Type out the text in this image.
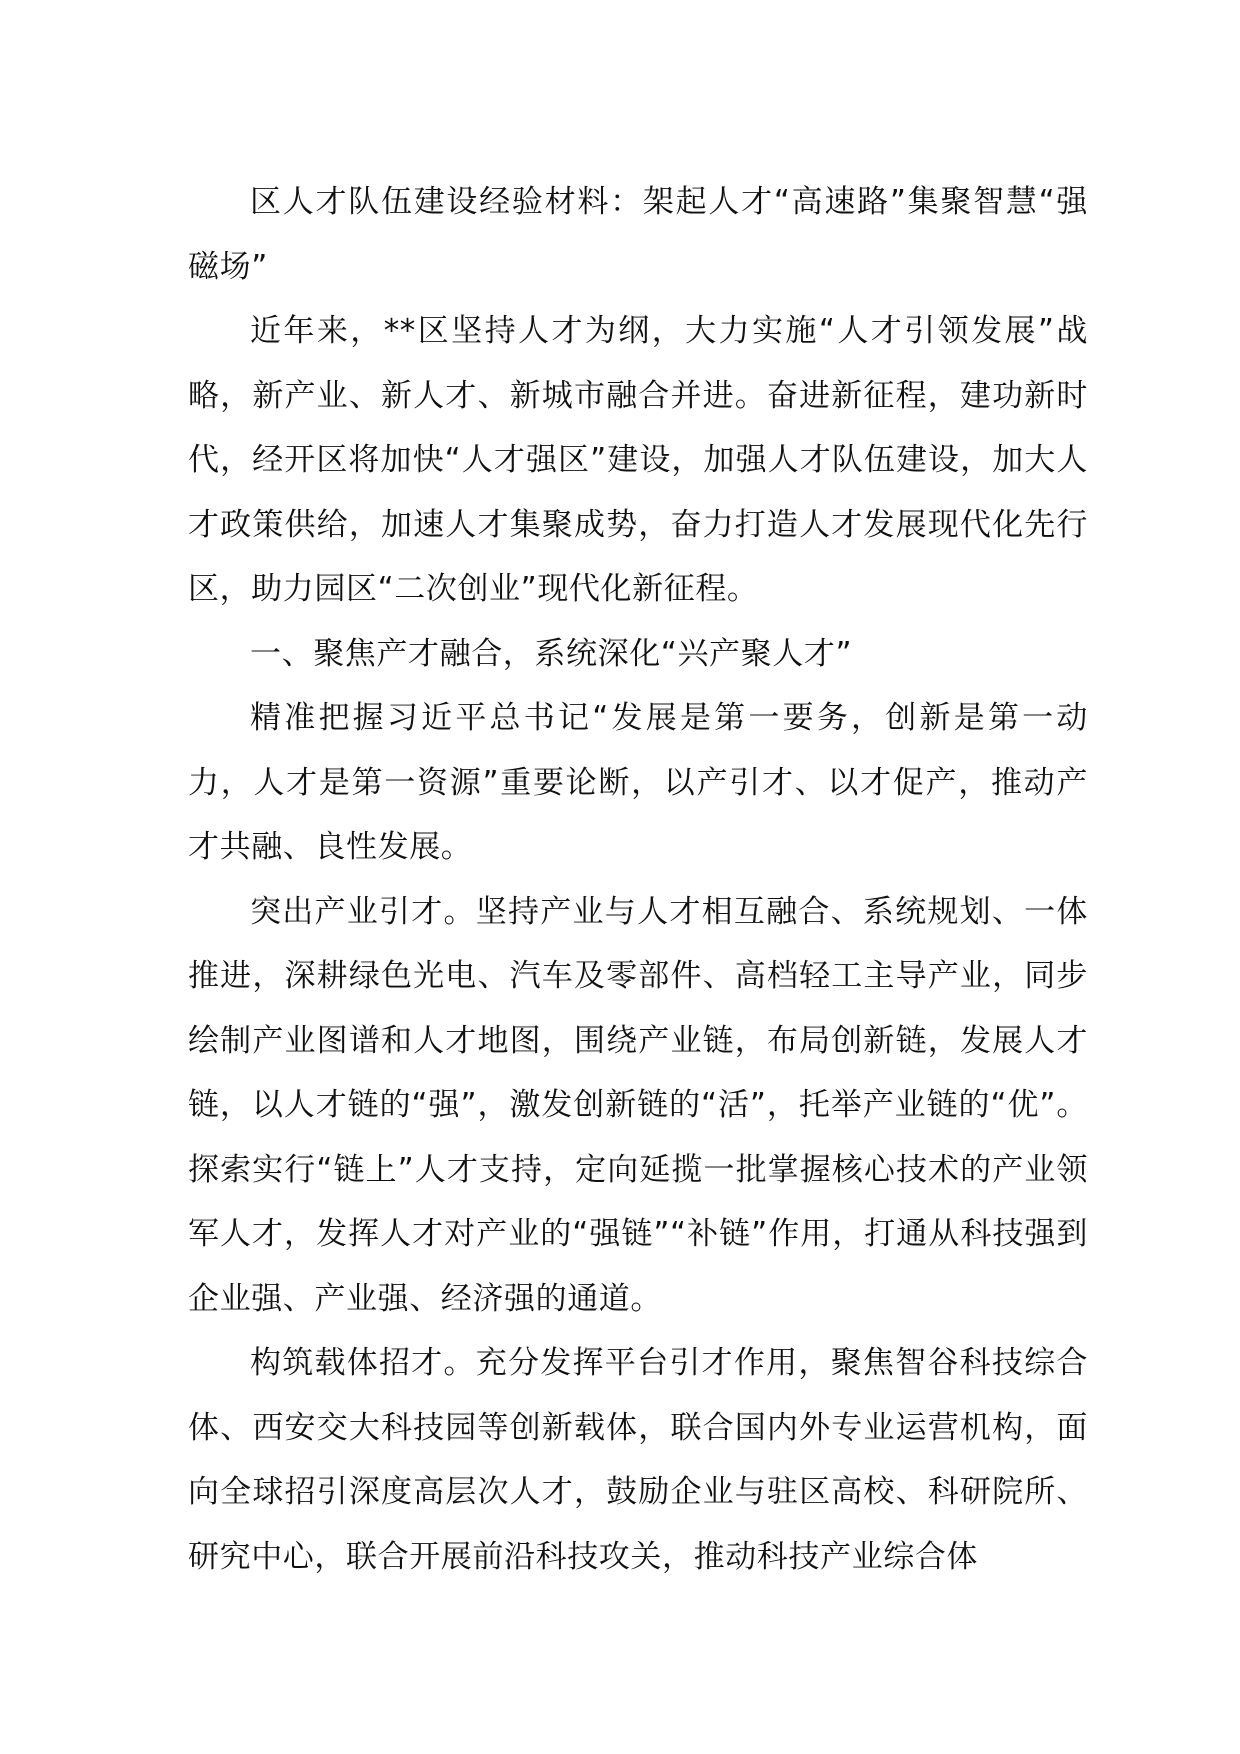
区人才队伍建设经验材料：架起人才“高速路”集聚智慧“强磁场”

近年来，**区坚持人才为纲，大力实施“人才引领发展”战略，新产业、新人才、新城市融合并进。奋进新征程，建功新时代，经开区将加快“人才强区”建设，加强人才队伍建设，加大人才政策供给，加速人才集聚成势，奋力打造人才发展现代化先行区，助力园区“二次创业”现代化新征程。

一、聚焦产才融合，系统深化“兴产聚人才”

精准把握习近平总书记“发展是第一要务，创新是第一动力，人才是第一资源”重要论断，以产引才、以才促产，推动产才共融、良性发展。

突出产业引才。坚持产业与人才相互融合、系统规划、一体推进，深耕绿色光电、汽车及零部件、高档轻工主导产业，同步绘制产业图谱和人才地图，围绕产业链，布局创新链，发展人才链，以人才链的“强”，激发创新链的“活”，托举产业链的“优”。探索实行“链上”人才支持，定向延揽一批掌握核心技术的产业领军人才，发挥人才对产业的“强链”“补链”作用，打通从科技强到企业强、产业强、经济强的通道。

构筑载体招才。充分发挥平台引才作用，聚焦智谷科技综合体、西安交大科技园等创新载体，联合国内外专业运营机构，面向全球招引深度高层次人才，鼓励企业与驻区高校、科研院所、研究中心，联合开展前沿科技攻关，推动科技产业综合体
